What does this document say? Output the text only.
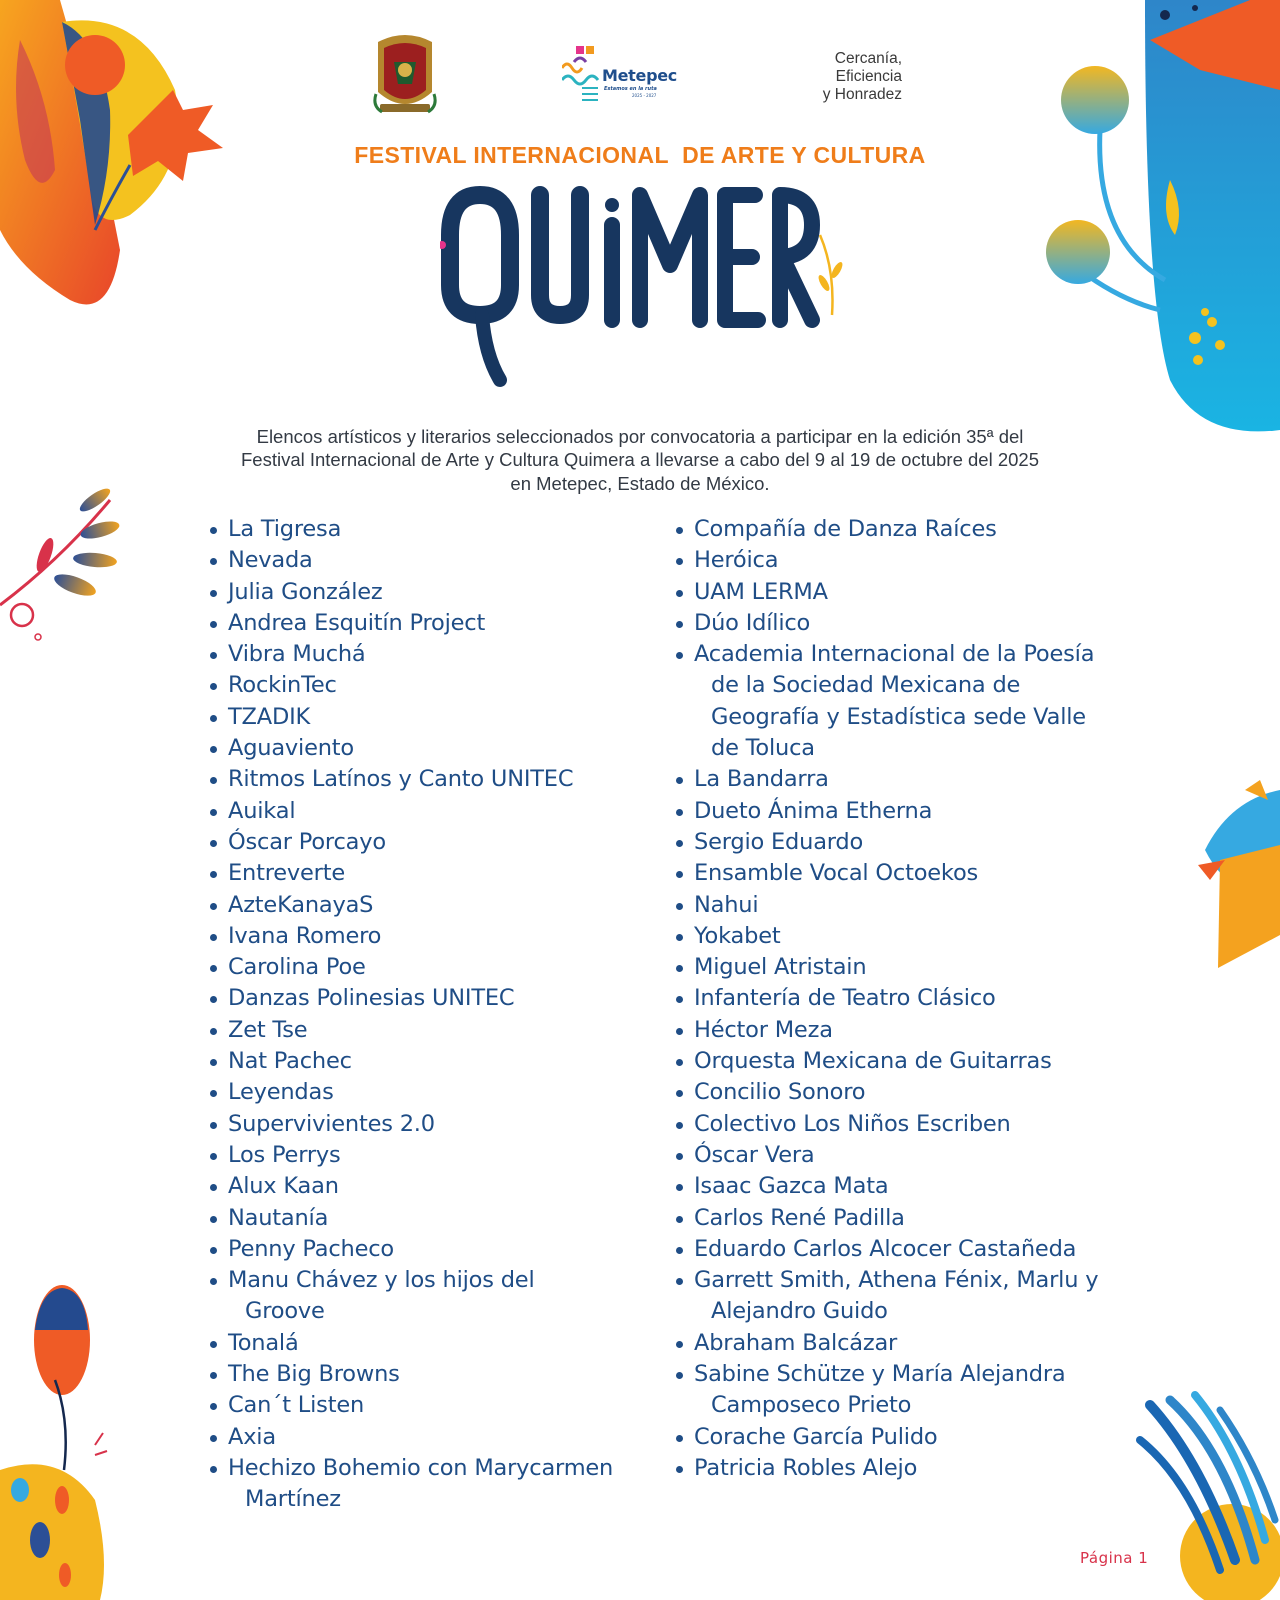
Metepec
Estamos en la ruta
2025 - 2027
Cercanía,
Eficiencia
y Honradez
FESTIVAL INTERNACIONAL  DE ARTE Y CULTURA

Elencos artísticos y literarios seleccionados por convocatoria a participar en la edición 35ª del
Festival Internacional de Arte y Cultura Quimera a llevarse a cabo del 9 al 19 de octubre del 2025
en Metepec, Estado de México.

La Tigresa
Nevada
Julia González
Andrea Esquitín Project
Vibra Muchá
RockinTec
TZADIK
Aguaviento
Ritmos Latínos y Canto UNITEC
Auikal
Óscar Porcayo
Entreverte
AzteKanayaS
Ivana Romero
Carolina Poe
Danzas Polinesias UNITEC
Zet Tse
Nat Pachec
Leyendas
Supervivientes 2.0
Los Perrys
Alux Kaan
Nautanía
Penny Pacheco
Manu Chávez y los hijos del
Groove
Tonalá
The Big Browns
Can´t Listen
Axia
Hechizo Bohemio con Marycarmen
Martínez
Compañía de Danza Raíces
Heróica
UAM LERMA
Dúo Idílico
Academia Internacional de la Poesía
de la Sociedad Mexicana de
Geografía y Estadística sede Valle
de Toluca
La Bandarra
Dueto Ánima Etherna
Sergio Eduardo
Ensamble Vocal Octoekos
Nahui
Yokabet
Miguel Atristain
Infantería de Teatro Clásico
Héctor Meza
Orquesta Mexicana de Guitarras
Concilio Sonoro
Colectivo Los Niños Escriben
Óscar Vera
Isaac Gazca Mata
Carlos René Padilla
Eduardo Carlos Alcocer Castañeda
Garrett Smith, Athena Fénix, Marlu y
Alejandro Guido
Abraham Balcázar
Sabine Schütze y María Alejandra
Camposeco Prieto
Corache García Pulido
Patricia Robles Alejo
Página 1
